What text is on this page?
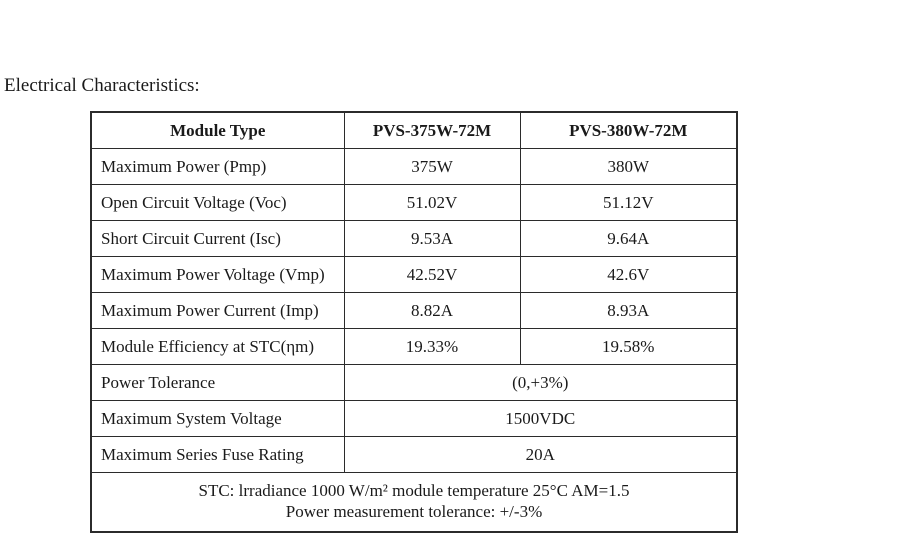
Electrical Characteristics:
Module Type	PVS-375W-72M	PVS-380W-72M
Maximum Power (Pmp)	375W	380W
Open Circuit Voltage (Voc)	51.02V	51.12V
Short Circuit Current (Isc)	9.53A	9.64A
Maximum Power Voltage (Vmp)	42.52V	42.6V
Maximum Power Current (Imp)	8.82A	8.93A
Module Efficiency at STC(ηm)	19.33%	19.58%
Power Tolerance	(0,+3%)	
Maximum System Voltage	1500VDC	
Maximum Series Fuse Rating	20A	

STC: lrradiance 1000 W/m² module temperature 25°C AM=1.5
Power measurement tolerance: +/-3%		
